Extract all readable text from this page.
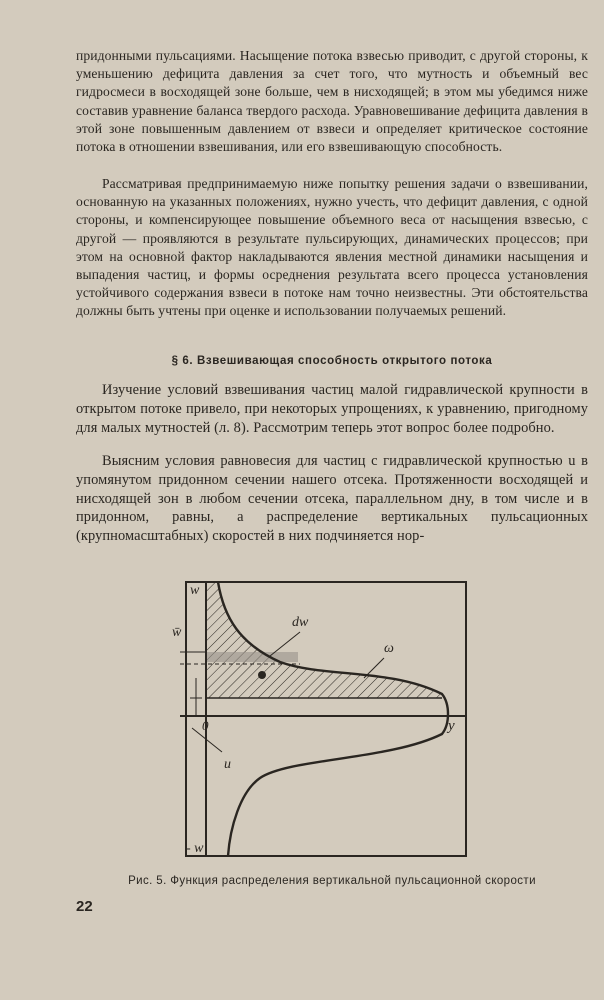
придонными пульсациями. Насыщение потока взвесью приводит, с другой стороны, к уменьшению дефицита давления за счет того, что мутность и объемный вес гидросмеси в восходящей зоне больше, чем в нисходящей; в этом мы убедимся ниже составив уравнение баланса твердого расхода. Уравновешивание дефицита давления в этой зоне повышенным давлением от взвеси и определяет критическое состояние потока в отношении взвешивания, или его взвешивающую способность.

Рассматривая предпринимаемую ниже попытку решения задачи о взвешивании, основанную на указанных положениях, нужно учесть, что дефицит давления, с одной стороны, и компенсирующее повышение объемного веса от насыщения взвесью, с другой — проявляются в результате пульсирующих, динамических процессов; при этом на основной фактор накладываются явления местной динамики насыщения и выпадения частиц, и формы осреднения результата всего процесса установления устойчивого содержания взвеси в потоке нам точно неизвестны. Эти обстоятельства должны быть учтены при оценке и использовании получаемых решений.

§ 6. Взвешивающая способность открытого потока

Изучение условий взвешивания частиц малой гидравлической крупности в открытом потоке привело, при некоторых упрощениях, к уравнению, пригодному для малых мутностей (л. 8). Рассмотрим теперь этот вопрос более подробно.

Выясним условия равновесия для частиц с гидравлической крупностью u в упомянутом придонном сечении нашего отсека. Протяженности восходящей и нисходящей зон в любом сечении отсека, параллельном дну, в том числе и в придонном, равны, а распределение вертикальных пульсационных (крупномасштабных) скоростей в них подчиняется нор-

w
w̄
dw
ω
0	y
u
- w
Рис. 5. Функция распределения вертикальной пульсационной скорости
22
